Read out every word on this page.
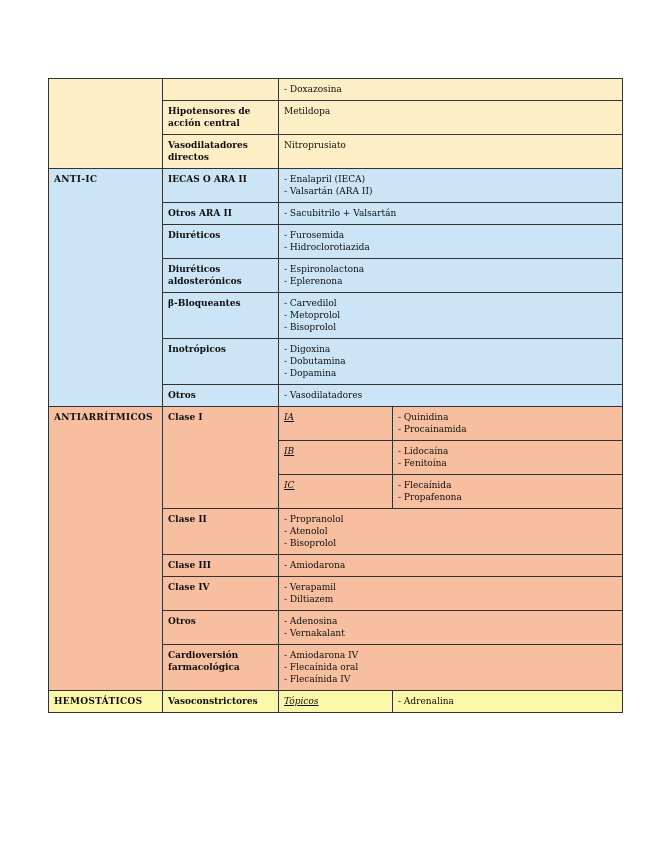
		- Doxazosina	

	Hipotensores de acción central	Metildopa	

	Vasodilatadores directos	Nitroprusiato	

ANTI-IC	IECAS O ARA II	- Enalapril (IECA)
- Valsartán (ARA II)	

	Otros ARA II	- Sacubitrilo + Valsartán	

	Diuréticos	- Furosemida
- Hidroclorotiazida	

	Diuréticos aldosterónicos	- Espironolactona
- Eplerenona	

	β-Bloqueantes	- Carvedilol
- Metoprolol
- Bisoprolol	

	Inotrópicos	- Digoxina
- Dobutamina
- Dopamina	

	Otros	- Vasodilatadores	

ANTIARRÍTMICOS	Clase I	IA	- Quinidina
- Procainamida

		IB	- Lidocaína
- Fenitoína

		IC	- Flecaínida
- Propafenona

	Clase II	- Propranolol
- Atenolol
- Bisoprolol	

	Clase III	- Amiodarona	

	Clase IV	- Verapamil
- Diltiazem	

	Otros	- Adenosina
- Vernakalant	

	Cardioversión farmacológica	- Amiodarona IV
- Flecaínida oral
- Flecaínida IV	

HEMOSTÁTICOS	Vasoconstrictores	Tópicos	- Adrenalina
